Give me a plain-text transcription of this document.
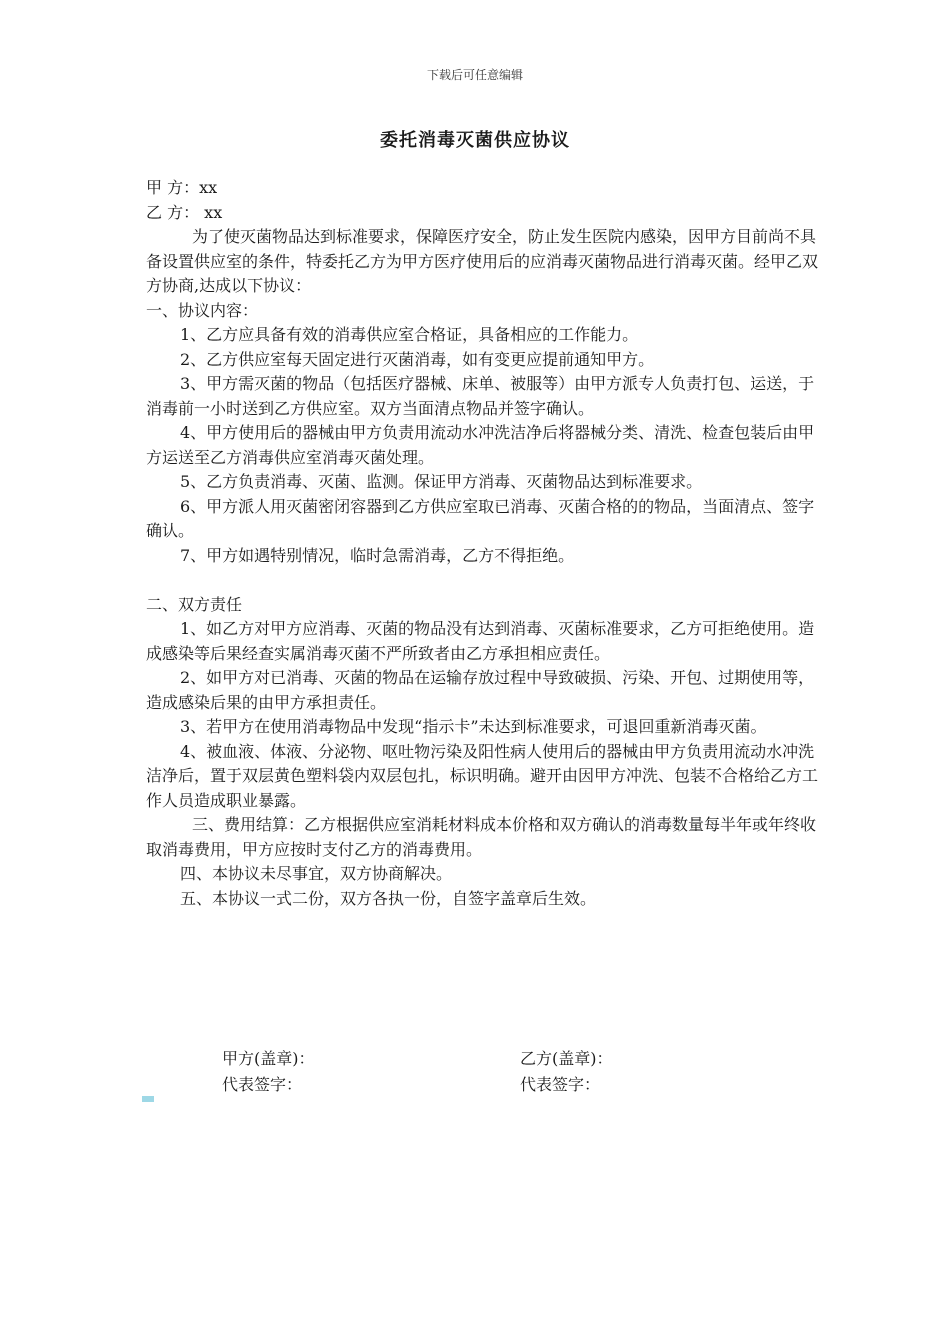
下载后可任意编辑
委托消毒灭菌供应协议

甲 方：xx

乙 方： xx

为了使灭菌物品达到标准要求，保障医疗安全，防止发生医院内感染，因甲方目前尚不具备设置供应室的条件，特委托乙方为甲方医疗使用后的应消毒灭菌物品进行消毒灭菌。经甲乙双方协商,达成以下协议：

一、协议内容：

1、乙方应具备有效的消毒供应室合格证，具备相应的工作能力。

2、乙方供应室每天固定进行灭菌消毒，如有变更应提前通知甲方。

3、甲方需灭菌的物品（包括医疗器械、床单、被服等）由甲方派专人负责打包、运送，于消毒前一小时送到乙方供应室。双方当面清点物品并签字确认。

4、甲方使用后的器械由甲方负责用流动水冲洗洁净后将器械分类、清洗、检查包装后由甲方运送至乙方消毒供应室消毒灭菌处理。

5、乙方负责消毒、灭菌、监测。保证甲方消毒、灭菌物品达到标准要求。

6、甲方派人用灭菌密闭容器到乙方供应室取已消毒、灭菌合格的的物品，当面清点、签字确认。

7、甲方如遇特别情况，临时急需消毒，乙方不得拒绝。

二、双方责任

1、如乙方对甲方应消毒、灭菌的物品没有达到消毒、灭菌标准要求，乙方可拒绝使用。造成感染等后果经查实属消毒灭菌不严所致者由乙方承担相应责任。

2、如甲方对已消毒、灭菌的物品在运输存放过程中导致破损、污染、开包、过期使用等，造成感染后果的由甲方承担责任。

3、若甲方在使用消毒物品中发现“指示卡”未达到标准要求，可退回重新消毒灭菌。

4、被血液、体液、分泌物、呕吐物污染及阳性病人使用后的器械由甲方负责用流动水冲洗洁净后，置于双层黄色塑料袋内双层包扎，标识明确。避开由因甲方冲洗、包装不合格给乙方工作人员造成职业暴露。

三、费用结算：乙方根据供应室消耗材料成本价格和双方确认的消毒数量每半年或年终收取消毒费用，甲方应按时支付乙方的消毒费用。

四、本协议未尽事宜，双方协商解决。

五、本协议一式二份，双方各执一份，自签字盖章后生效。

甲方(盖章)：
代表签字：
乙方(盖章)：
代表签字：
